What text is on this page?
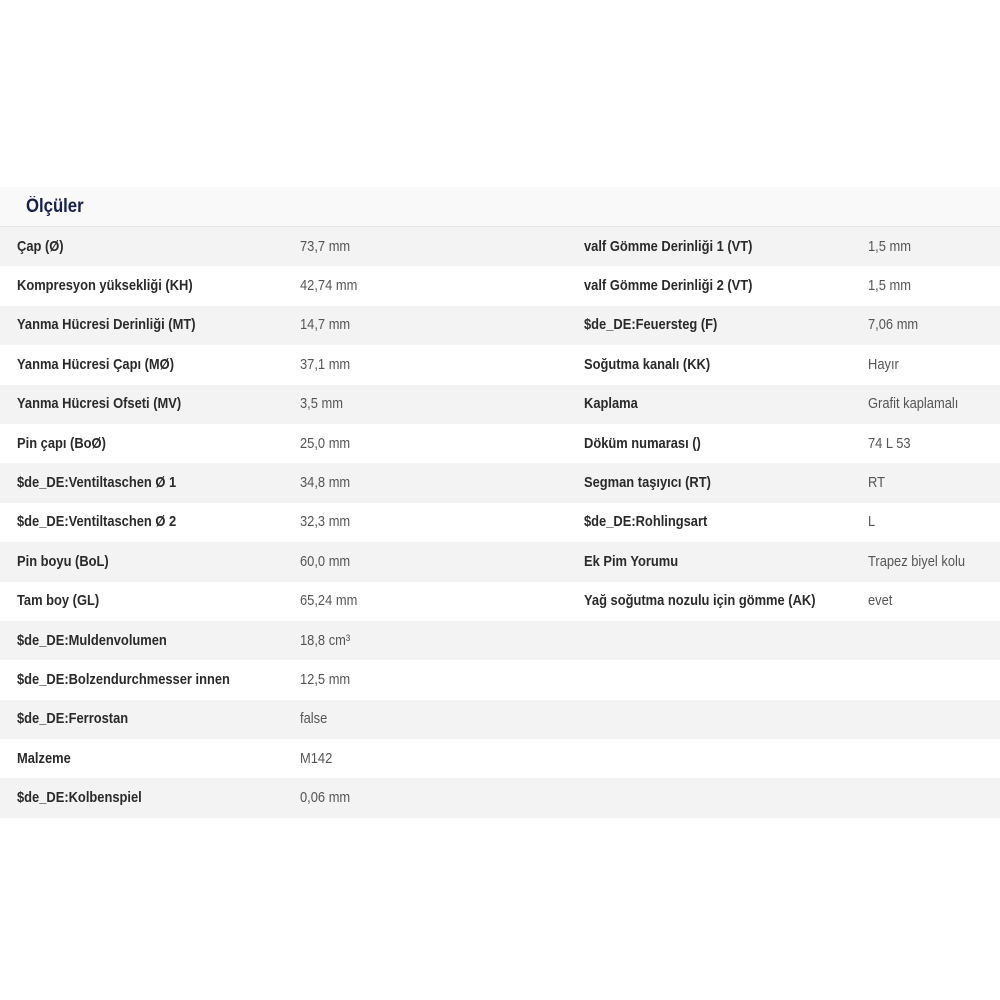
Ölçüler
Çap (Ø)	73,7 mm	valf Gömme Derinliği 1 (VT)	1,5 mm
Kompresyon yüksekliği (KH)	42,74 mm	valf Gömme Derinliği 2 (VT)	1,5 mm
Yanma Hücresi Derinliği (MT)	14,7 mm	$de_DE:Feuersteg (F)	7,06 mm
Yanma Hücresi Çapı (MØ)	37,1 mm	Soğutma kanalı (KK)	Hayır
Yanma Hücresi Ofseti (MV)	3,5 mm	Kaplama	Grafit kaplamalı
Pin çapı (BoØ)	25,0 mm	Döküm numarası ()	74 L 53
$de_DE:Ventiltaschen Ø 1	34,8 mm	Segman taşıyıcı (RT)	RT
$de_DE:Ventiltaschen Ø 2	32,3 mm	$de_DE:Rohlingsart	L
Pin boyu (BoL)	60,0 mm	Ek Pim Yorumu	Trapez biyel kolu
Tam boy (GL)	65,24 mm	Yağ soğutma nozulu için gömme (AK)	evet
$de_DE:Muldenvolumen	18,8 cm³		
$de_DE:Bolzendurchmesser innen	12,5 mm		
$de_DE:Ferrostan	false		
Malzeme	M142		
$de_DE:Kolbenspiel	0,06 mm		
